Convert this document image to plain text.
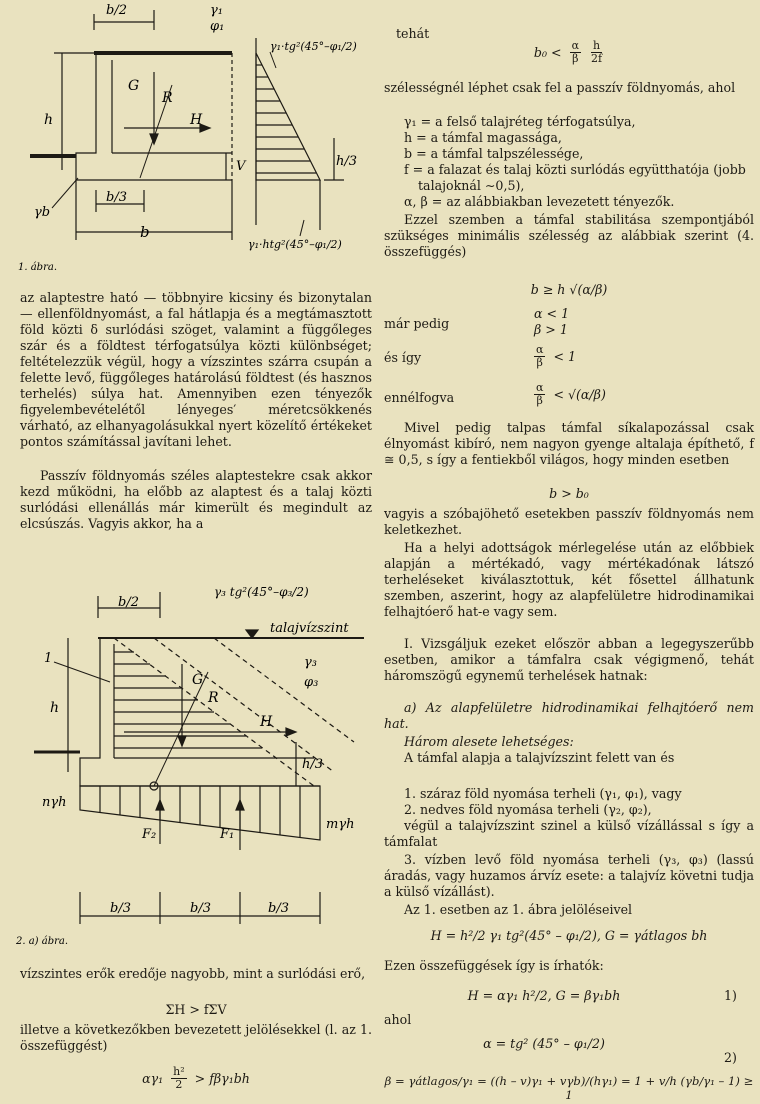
b/2	γ₁
φ₁
G
R
H
h
V	h/3
b/3
b
γb
γ₁·tg²(45°–φ₁/2)
γ₁·htg²(45°–φ₁/2)
1. ábra.

az alaptestre ható — többnyire kicsiny és bizonytalan — ellenföldnyomást, a fal hátlapja és a megtámasztott föld közti δ surlódási szöget, valamint a függőleges szár és a földtest térfogatsúlya közti különbséget; feltételezzük végül, hogy a vízszintes szárra csupán a felette levő, függőleges határolású földtest (és hasznos terhelés) súlya hat. Amennyiben ezen tényezők figyelembevételétől lényeges′ méretcsökkenés várható, az elhanyagolásukkal nyert közelítő értékeket pontos számítással javítani lehet.

Passzív földnyomás széles alaptestekre csak akkor kezd működni, ha előbb az alaptest és a talaj közti surlódási ellenállás már kimerült és megindult az elcsúszás. Vagyis akkor, ha a

b/2
γ₃ tg²(45°–φ₃/2)
talajvízszint
γ₃
φ₃
1
G
R
H
h
h/3
nγh
mγh
F₂	F₁
b/3	b/3	b/3
2. a) ábra.

vízszintes erők eredője nagyobb, mint a surlódási erő,

ΣH > fΣV

illetve a következőkben bevezetett jelölésekkel (l. az 1. összefüggést)

$\alpha\gamma_1 \frac{\text{h²}}{2} > f\beta\gamma_1bh$

tehát

$b_0 < \frac{\alpha}{\beta} \frac{h}{2f}$

szélességnél léphet csak fel a passzív földnyomás, ahol

γ₁ = a felső talajréteg térfogatsúlya,
h = a támfal magassága,
b = a támfal talpszélessége,
f = a falazat és talaj közti surlódás együtthatója (jobb talajoknál ∼0,5),
α, β = az alábbiakban levezetett tényezők.

Ezzel szemben a támfal stabilitása szempontjából szükséges minimális szélesség az alábbiak szerint (4. összefüggés)

b ≥ h √(α/β)

már pedig

α < 1
β > 1

és így	$\frac{\alpha}{\beta} < 1$

ennélfogva	$\frac{\alpha}{\beta} < √(\alpha/\beta)$

Mivel pedig talpas támfal síkalapozással csak élnyomást kibíró, nem nagyon gyenge altalaja építhető, f ≅ 0,5, s így a fentiekből világos, hogy minden esetben

b > b₀

vagyis a szóbajöhető esetekben passzív földnyomás nem keletkezhet.

Ha a helyi adottságok mérlegelése után az előbbiek alapján a mértékadó, vagy mértékadónak látszó terheléseket kiválasztottuk, két fősettel állhatunk szemben, aszerint, hogy az alapfelületre hidrodinamikai felhajtóerő hat-e vagy sem.

I. Vizsgáljuk ezeket először abban a legegyszerűbb esetben, amikor a támfalra csak végigmenő, tehát háromszögű egynemű terhelések hatnak:

a) Az alapfelületre hidrodinamikai felhajtóerő nem hat.

Három alesete lehetséges:

A támfal alapja a talajvízszint felett van és

1. száraz föld nyomása terheli (γ₁, φ₁), vagy

2. nedves föld nyomása terheli (γ₂, φ₂),

végül a talajvízszint szinel a külső vízállással s így a támfalat

3. vízben levő föld nyomása terheli (γ₃, φ₃) (lassú áradás, vagy huzamos árvíz esete: a talajvíz követni tudja a külső vízállást).

Az 1. esetben az 1. ábra jelöléseivel

H = h²/2 γ₁ tg²(45° – φ₁/2), G = γátlagos bh

Ezen összefüggések így is írhatók:

H = αγ₁ h²/2, G = βγ₁bh	1)

ahol

α = tg² (45° – φ₁/2)
2)
β = γátlagos/γ₁ = ((h – v)γ₁ + vγb)/(hγ₁) = 1 + v/h (γb/γ₁ – 1) ≥ 1
